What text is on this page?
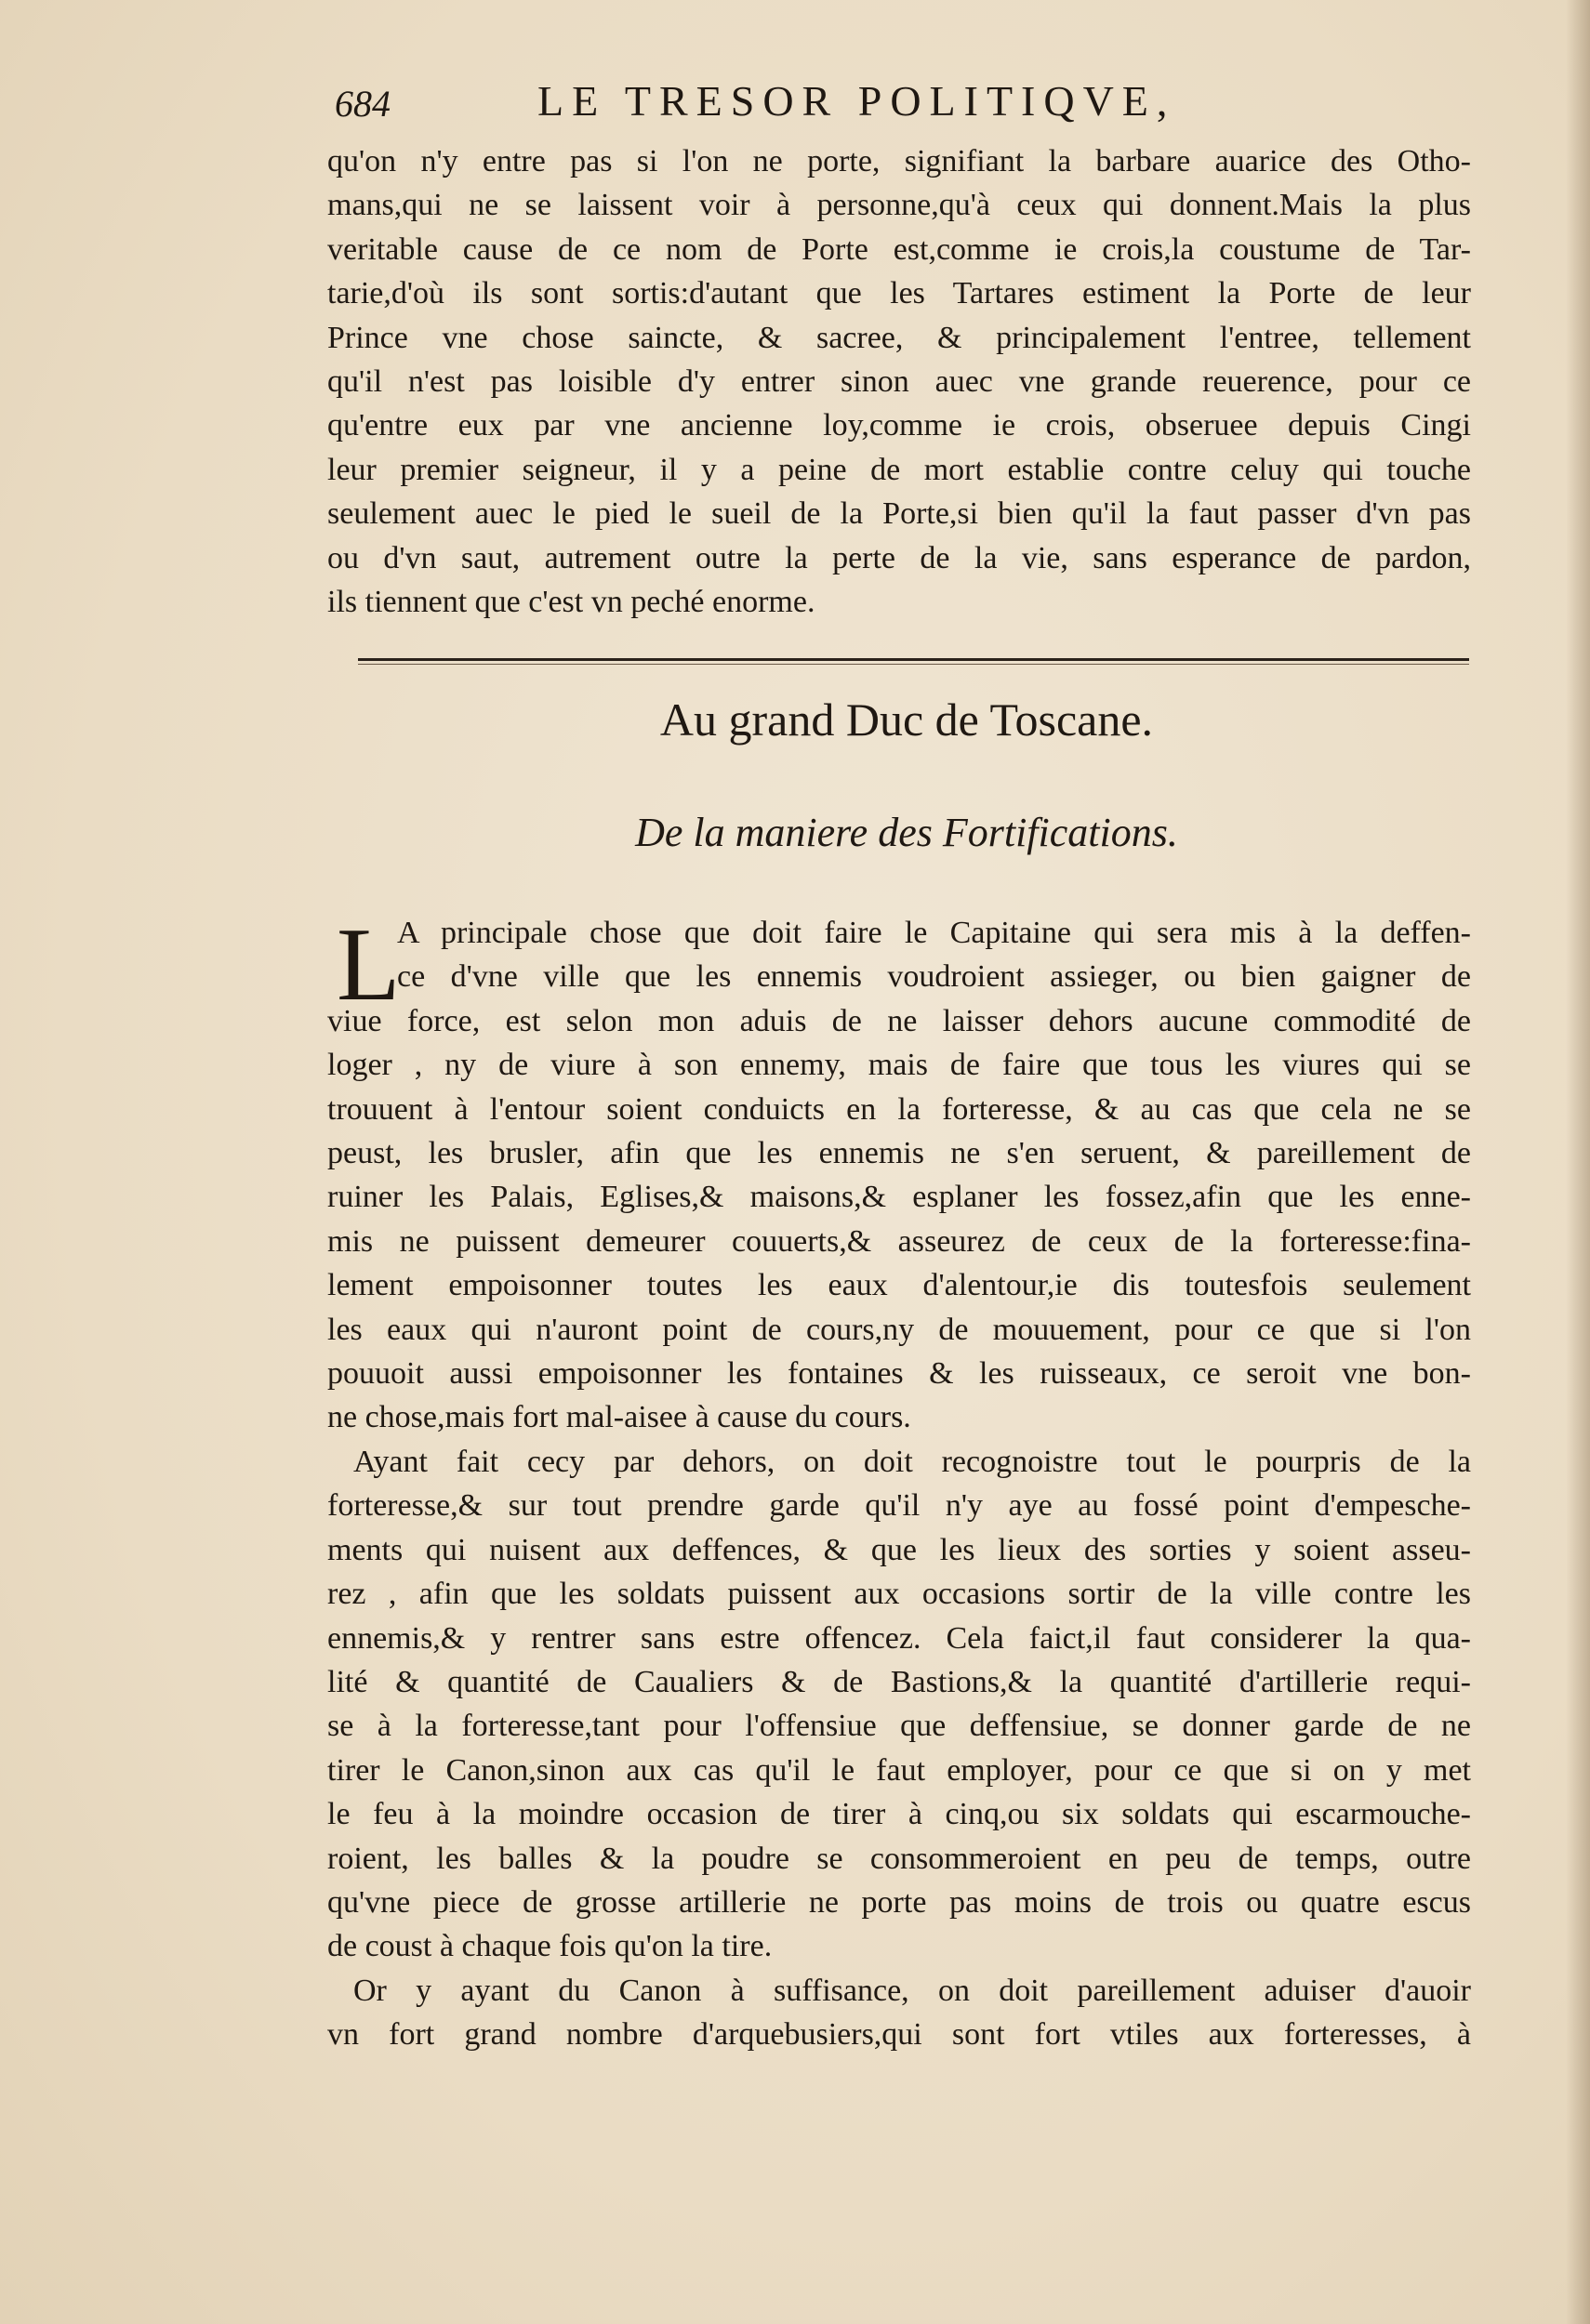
684	LE TRESOR POLITIQVE,
qu'on n'y entre pas si l'on ne porte, signifiant la barbare auarice des Otho-
mans,qui ne se laissent voir à personne,qu'à ceux qui donnent.Mais la plus
veritable cause de ce nom de Porte est,comme ie crois,la coustume de Tar-
tarie,d'où ils sont sortis:d'autant que les Tartares estiment la Porte de leur
Prince vne chose saincte, & sacree, & principalement l'entree, tellement
qu'il n'est pas loisible d'y entrer sinon auec vne grande reuerence, pour ce
qu'entre eux par vne ancienne loy,comme ie crois, obseruee depuis Cingi
leur premier seigneur, il y a peine de mort establie contre celuy qui touche
seulement auec le pied le sueil de la Porte,si bien qu'il la faut passer d'vn pas
ou d'vn saut, autrement outre la perte de la vie, sans esperance de pardon,
ils tiennent que c'est vn peché enorme.
Au grand Duc de Toscane.
De la maniere des Fortifications.
L
A principale chose que doit faire le Capitaine qui sera mis à la deffen-
ce d'vne ville que les ennemis voudroient assieger, ou bien gaigner de
viue force, est selon mon aduis de ne laisser dehors aucune commodité de
loger , ny de viure à son ennemy, mais de faire que tous les viures qui se
trouuent à l'entour soient conduicts en la forteresse, & au cas que cela ne se
peust, les brusler, afin que les ennemis ne s'en seruent, & pareillement de
ruiner les Palais, Eglises,& maisons,& esplaner les fossez,afin que les enne-
mis ne puissent demeurer couuerts,& asseurez de ceux de la forteresse:fina-
lement empoisonner toutes les eaux d'alentour,ie dis toutesfois seulement
les eaux qui n'auront point de cours,ny de mouuement, pour ce que si l'on
pouuoit aussi empoisonner les fontaines & les ruisseaux, ce seroit vne bon-
ne chose,mais fort mal-aisee à cause du cours.
Ayant fait cecy par dehors, on doit recognoistre tout le pourpris de la
forteresse,& sur tout prendre garde qu'il n'y aye au fossé point d'empesche-
ments qui nuisent aux deffences, & que les lieux des sorties y soient asseu-
rez , afin que les soldats puissent aux occasions sortir de la ville contre les
ennemis,& y rentrer sans estre offencez. Cela faict,il faut considerer la qua-
lité & quantité de Caualiers & de Bastions,& la quantité d'artillerie requi-
se à la forteresse,tant pour l'offensiue que deffensiue, se donner garde de ne
tirer le Canon,sinon aux cas qu'il le faut employer, pour ce que si on y met
le feu à la moindre occasion de tirer à cinq,ou six soldats qui escarmouche-
roient, les balles & la poudre se consommeroient en peu de temps, outre
qu'vne piece de grosse artillerie ne porte pas moins de trois ou quatre escus
de coust à chaque fois qu'on la tire.
Or y ayant du Canon à suffisance, on doit pareillement aduiser d'auoir
vn fort grand nombre d'arquebusiers,qui sont fort vtiles aux forteresses, à
